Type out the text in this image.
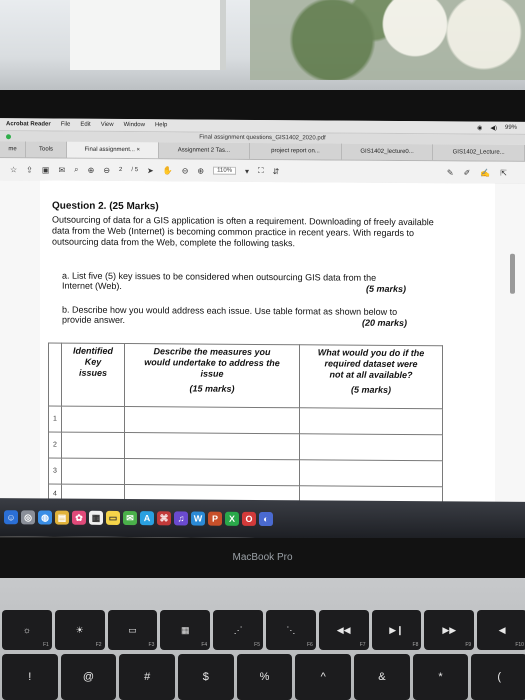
Acrobat Reader File Edit View Window Help	◉ ◀) 99%
Final assignment questions_GIS1402_2020.pdf
me	Tools	Final assignment...
×	Assignment 2 Tas...	project report on...	GIS1402_lecture0...	GIS1402_Lecture...
☆ ⇪ ▣ ✉ ⌕ ⊕ ⊖ 2 / 5 ➤ ✋ ⊖ ⊕	110%	▾ ⛶ ⇵	✎ ✐ ✍ ⇱
Question 2. (25 Marks)
Outsourcing of data for a GIS application is often a requirement. Downloading of freely available data from the Web (Internet) is becoming common practice in recent years. With regards to outsourcing data from the Web, complete the following tasks.
a. List five (5) key issues to be considered when outsourcing GIS data from the Internet (Web).	(5 marks)
b. Describe how you would address each issue. Use table format as shown below to provide answer.	(20 marks)

	Identified
Key
issues	Describe the measures you
would undertake to address the
issue
(15 marks)	What would you do if the
required dataset were
not at all available?
(5 marks)

1			
2			
3			
4			
☺ ◎	◍ ▤ ✿ ▦ ▭ ✉	A	⌘	♫	W	P	X	O	◐
MacBook Pro
☼
F1
☀
F2
▭
F3
▦
F4
⋰
F5
⋱
F6
◀◀
F7
▶❙
F8
▶▶
F9
◀
F10
!	@	#	$	%	^	&	*	(
